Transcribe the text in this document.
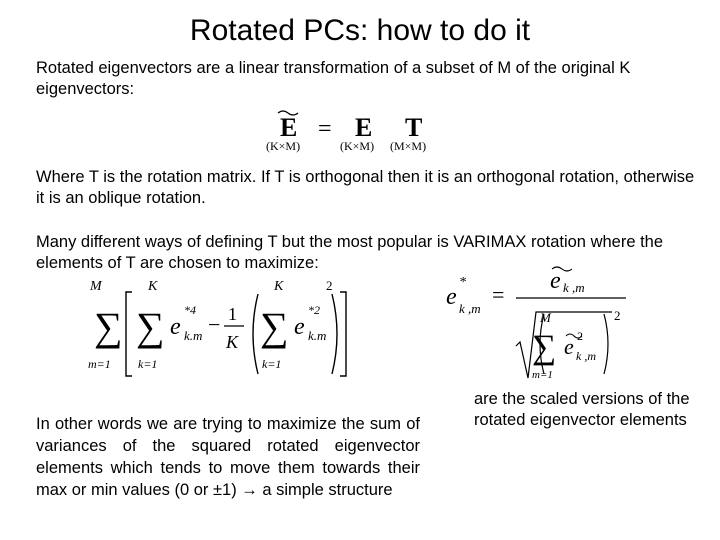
Rotated PCs: how to do it
Rotated eigenvectors are a linear transformation of a subset of M of the original K eigenvectors:
E
(K×M)
= E
(K×M)
T
(M×M)
Where T is the rotation matrix. If T is orthogonal then it is an orthogonal rotation, otherwise it is an oblique rotation.
Many different ways of defining T but the most popular is VARIMAX rotation where the elements of T are chosen to maximize:
M
∑
m=1
K
∑
k=1
e
*4
k.m − 1
K
K
∑
k=1
e
*2
k.m
2	e
*
k ,m
=
e k ,m
2
M
∑
m=1
e 2
k ,m
In other words we are trying to maximize the sum of variances of the squared rotated eigenvector elements which tends to move them towards their max or min values (0 or ±1) → a simple structure
are the scaled versions of the rotated eigenvector elements
